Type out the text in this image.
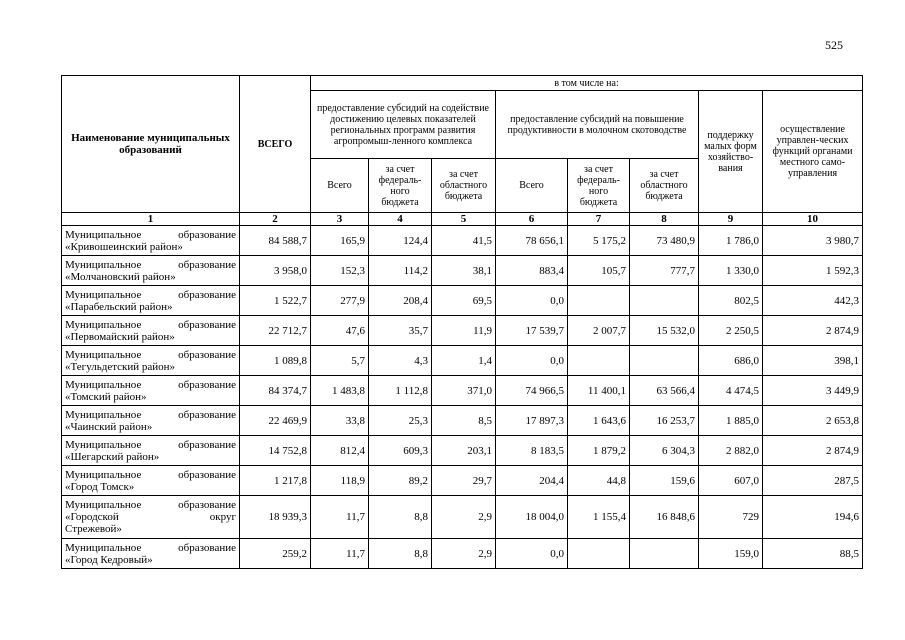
525
Наименование муниципальных образований	ВСЕГО	в том числе на:							
		предоставление субсидий на содействие достижению целевых показателей региональных программ развития агропромыш-ленного комплекса			предоставление субсидий на повышение продуктивности в молочном скотоводстве			поддержку малых форм хозяйство-вания	осуществление управлен-ческих функций органами местного само-управления
		Всего	за счет федераль-ного бюджета	за счет областного бюджета	Всего	за счет федераль-ного бюджета	за счет областного бюджета		
1	2	3	4	5	6	7	8	9	10

Муниципальное образование
«Кривошеинский район»	84 588,7	165,9	124,4	41,5	78 656,1	5 175,2	73 480,9	1 786,0	3 980,7

Муниципальное образование
«Молчановский район»	3 958,0	152,3	114,2	38,1	883,4	105,7	777,7	1 330,0	1 592,3

Муниципальное образование
«Парабельский район»	1 522,7	277,9	208,4	69,5	0,0			802,5	442,3

Муниципальное образование
«Первомайский район»	22 712,7	47,6	35,7	11,9	17 539,7	2 007,7	15 532,0	2 250,5	2 874,9

Муниципальное образование
«Тегульдетский район»	1 089,8	5,7	4,3	1,4	0,0			686,0	398,1

Муниципальное образование
«Томский район»	84 374,7	1 483,8	1 112,8	371,0	74 966,5	11 400,1	63 566,4	4 474,5	3 449,9

Муниципальное образование
«Чаинский район»	22 469,9	33,8	25,3	8,5	17 897,3	1 643,6	16 253,7	1 885,0	2 653,8

Муниципальное образование
«Шегарский район»	14 752,8	812,4	609,3	203,1	8 183,5	1 879,2	6 304,3	2 882,0	2 874,9

Муниципальное образование
«Город Томск»	1 217,8	118,9	89,2	29,7	204,4	44,8	159,6	607,0	287,5

Муниципальное образование
«Городской округ
Стрежевой»	18 939,3	11,7	8,8	2,9	18 004,0	1 155,4	16 848,6	729	194,6

Муниципальное образование
«Город Кедровый»	259,2	11,7	8,8	2,9	0,0			159,0	88,5
